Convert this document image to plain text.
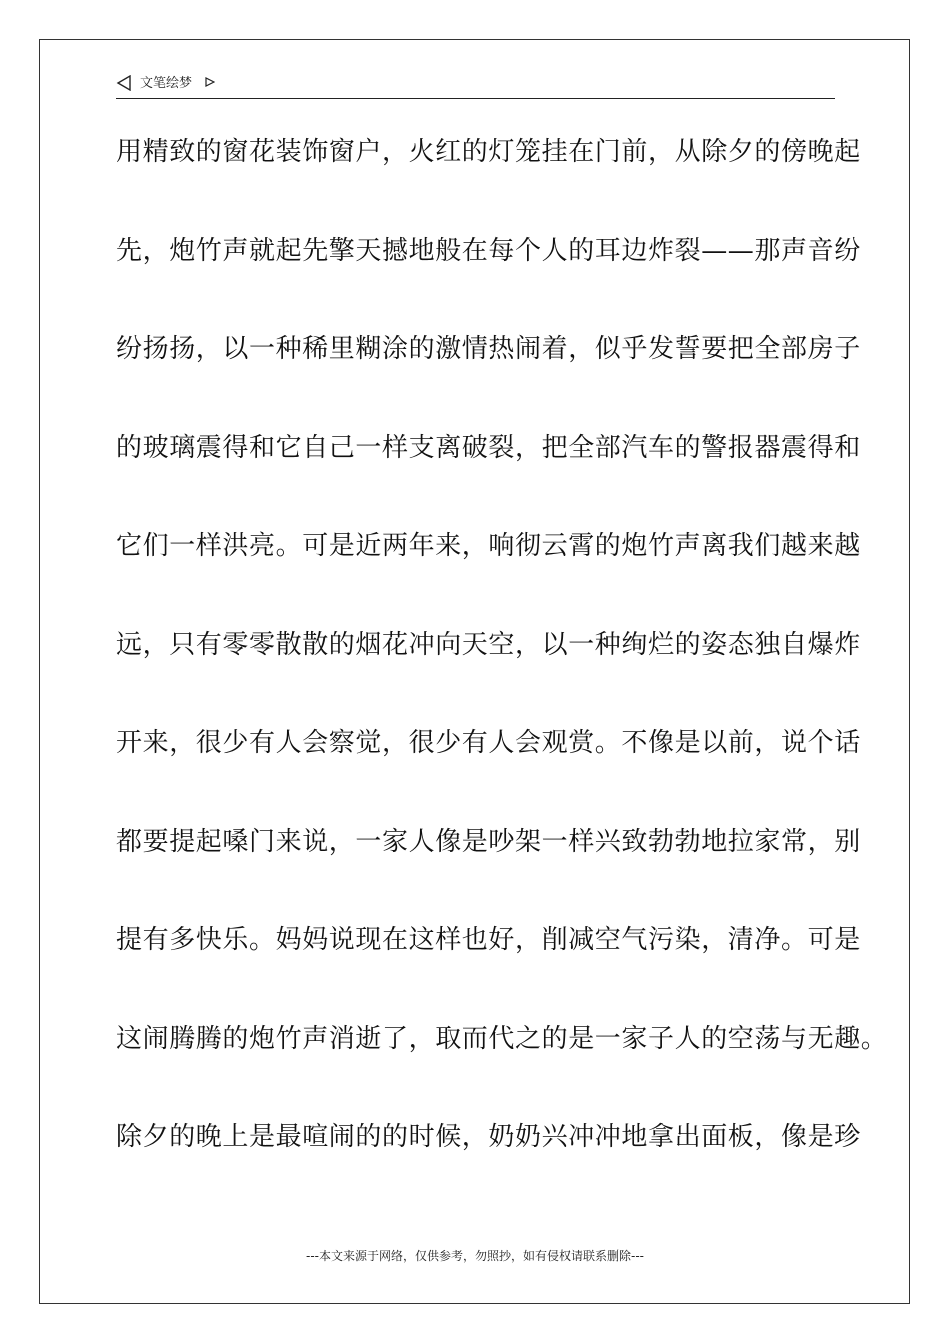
文笔绘梦
用精致的窗花装饰窗户，火红的灯笼挂在门前，从除夕的傍晚起
先，炮竹声就起先擎天撼地般在每个人的耳边炸裂——那声音纷
纷扬扬，以一种稀里糊涂的激情热闹着，似乎发誓要把全部房子
的玻璃震得和它自己一样支离破裂，把全部汽车的警报器震得和
它们一样洪亮。可是近两年来，响彻云霄的炮竹声离我们越来越
远，只有零零散散的烟花冲向天空，以一种绚烂的姿态独自爆炸
开来，很少有人会察觉，很少有人会观赏。不像是以前，说个话
都要提起嗓门来说，一家人像是吵架一样兴致勃勃地拉家常，别
提有多快乐。妈妈说现在这样也好，削减空气污染，清净。可是
这闹腾腾的炮竹声消逝了，取而代之的是一家子人的空荡与无趣。
除夕的晚上是最喧闹的的时候，奶奶兴冲冲地拿出面板，像是珍
---本文来源于网络，仅供参考，勿照抄，如有侵权请联系删除---
